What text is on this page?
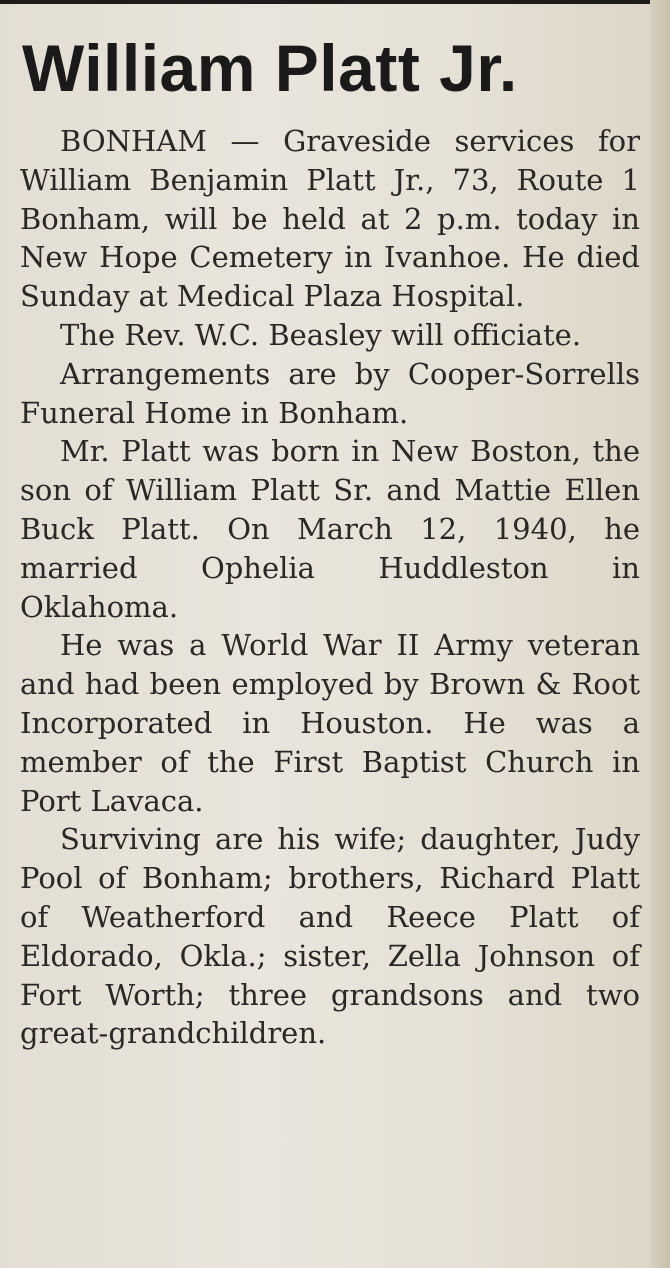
William Platt Jr.

BONHAM — Graveside services for William Benjamin Platt Jr., 73, Route 1 Bonham, will be held at 2 p.m. today in New Hope Cemetery in Ivanhoe. He died Sunday at Medical Plaza Hospital.

The Rev. W.C. Beasley will officiate.

Arrangements are by Cooper-Sorrells Funeral Home in Bonham.

Mr. Platt was born in New Boston, the son of William Platt Sr. and Mattie Ellen Buck Platt. On March 12, 1940, he married Ophelia Huddleston in Oklahoma.

He was a World War II Army veteran and had been employed by Brown & Root Incorporated in Houston. He was a member of the First Baptist Church in Port Lavaca.

Surviving are his wife; daughter, Judy Pool of Bonham; brothers, Richard Platt of Weatherford and Reece Platt of Eldorado, Okla.; sister, Zella Johnson of Fort Worth; three grandsons and two great-grandchildren.
